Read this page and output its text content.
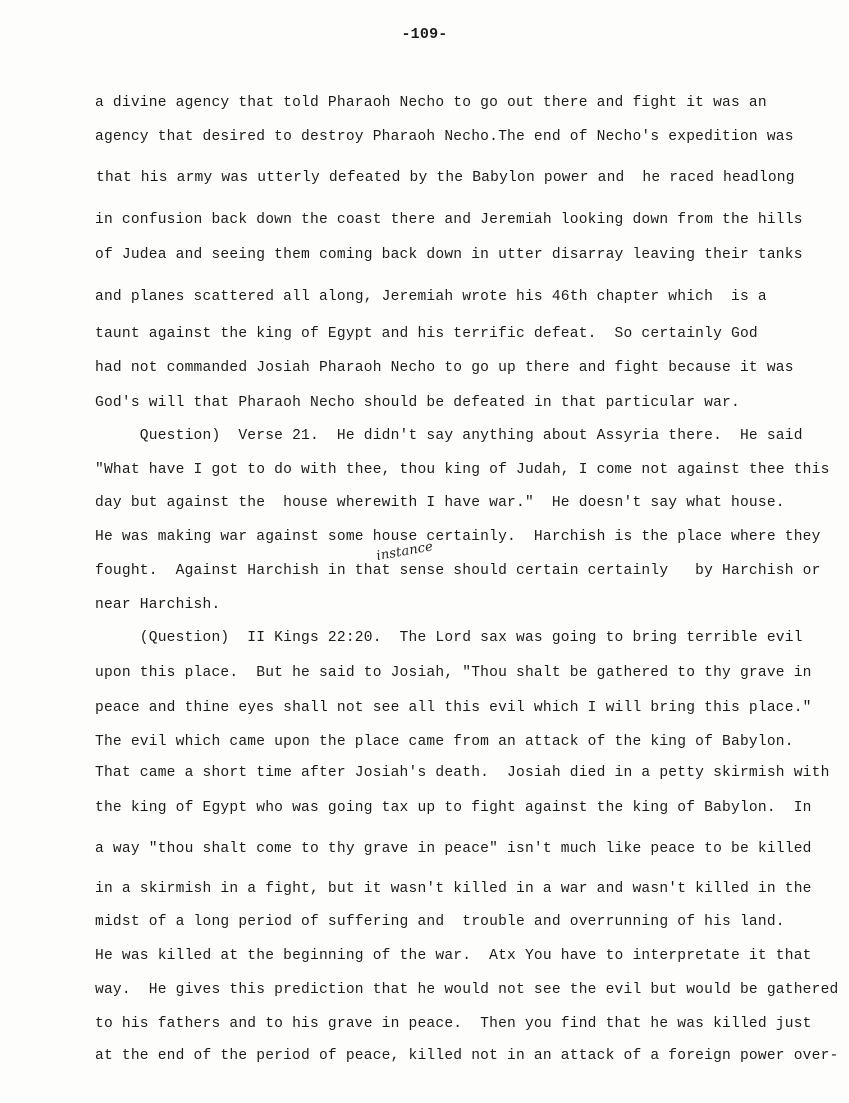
-109-
a divine agency that told Pharaoh Necho to go out there and fight it was an
agency that desired to destroy Pharaoh Necho.The end of Necho's expedition was
that his army was utterly defeated by the Babylon power and  he raced headlong
in confusion back down the coast there and Jeremiah looking down from the hills
of Judea and seeing them coming back down in utter disarray leaving their tanks
and planes scattered all along, Jeremiah wrote his 46th chapter which  is a
taunt against the king of Egypt and his terrific defeat.  So certainly God
had not commanded Josiah Pharaoh Necho to go up there and fight because it was
God's will that Pharaoh Necho should be defeated in that particular war.
Question)  Verse 21.  He didn't say anything about Assyria there.  He said
"What have I got to do with thee, thou king of Judah, I come not against thee this
day but against the  house wherewith I have war."  He doesn't say what house.
He was making war against some house certainly.  Harchish is the place where they
fought.  Against Harchish in that sense should certain certainly   by Harchish or
near Harchish.
(Question)  II Kings 22:20.  The Lord sax was going to bring terrible evil
upon this place.  But he said to Josiah, "Thou shalt be gathered to thy grave in
peace and thine eyes shall not see all this evil which I will bring this place."
The evil which came upon the place came from an attack of the king of Babylon.
That came a short time after Josiah's death.  Josiah died in a petty skirmish with
the king of Egypt who was going tax up to fight against the king of Babylon.  In
a way "thou shalt come to thy grave in peace" isn't much like peace to be killed
in a skirmish in a fight, but it wasn't killed in a war and wasn't killed in the
midst of a long period of suffering and  trouble and overrunning of his land.
He was killed at the beginning of the war.  Atx You have to interpretate it that
way.  He gives this prediction that he would not see the evil but would be gathered
to his fathers and to his grave in peace.  Then you find that he was killed just
at the end of the period of peace, killed not in an attack of a foreign power over-
instance
